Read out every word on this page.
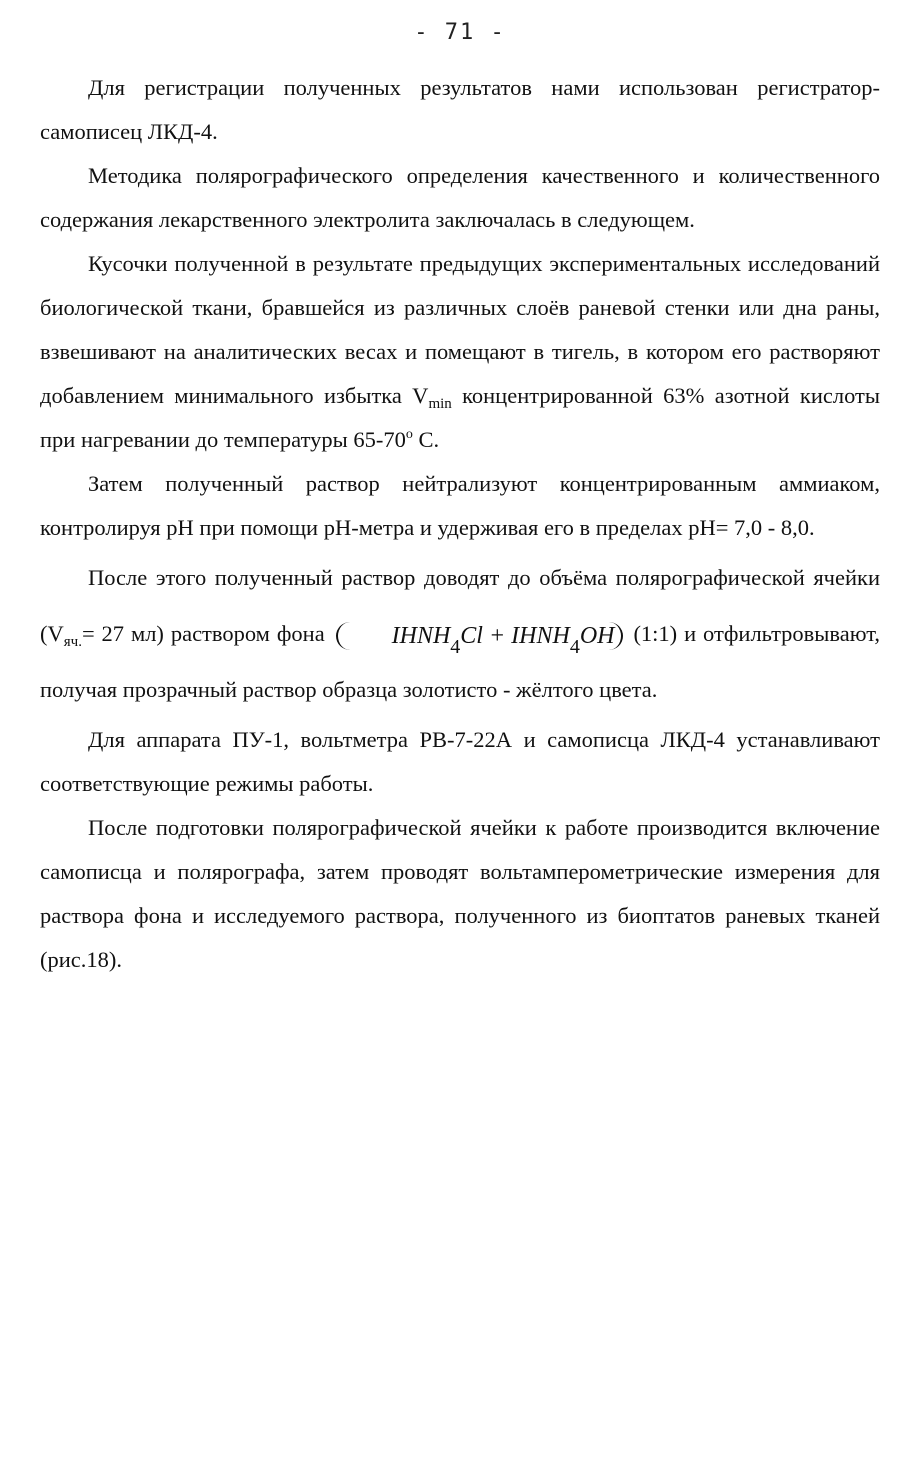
- 71 -

Для регистрации полученных результатов нами использован регистратор-самописец ЛКД-4.

Методика полярографического определения качественного и количественного содержания лекарственного электролита заключалась в следующем.

Кусочки полученной в результате предыдущих экспериментальных исследований биологической ткани, бравшейся из различных слоёв раневой стенки или дна раны, взвешивают на аналитических весах и помещают в тигель, в котором его растворяют добавлением минимального избытка $V_{min}$ концентрированной 63% азотной кислоты при нагревании до температуры 65-70$^o$ С.

Затем полученный раствор нейтрализуют концентрированным аммиаком, контролируя pH при помощи pH-метра и удерживая его в пределах pH= 7,0 - 8,0.

После этого полученный раствор доводят до объёма полярографической ячейки ($V_{яч.}= 27$ мл) раствором фона	$IHNH_4Cl$ + $IHNH_4OH$ (1:1) и отфильтровывают, получая прозрачный раствор образца золотисто - жёлтого цвета.

Для аппарата ПУ-1, вольтметра РВ-7-22А и самописца ЛКД-4 устанавливают соответствующие режимы работы.

После подготовки полярографической ячейки к работе производится включение самописца и полярографа, затем проводят вольтамперометрические измерения для раствора фона и исследуемого раствора, полученного из биоптатов раневых тканей (рис.18).
